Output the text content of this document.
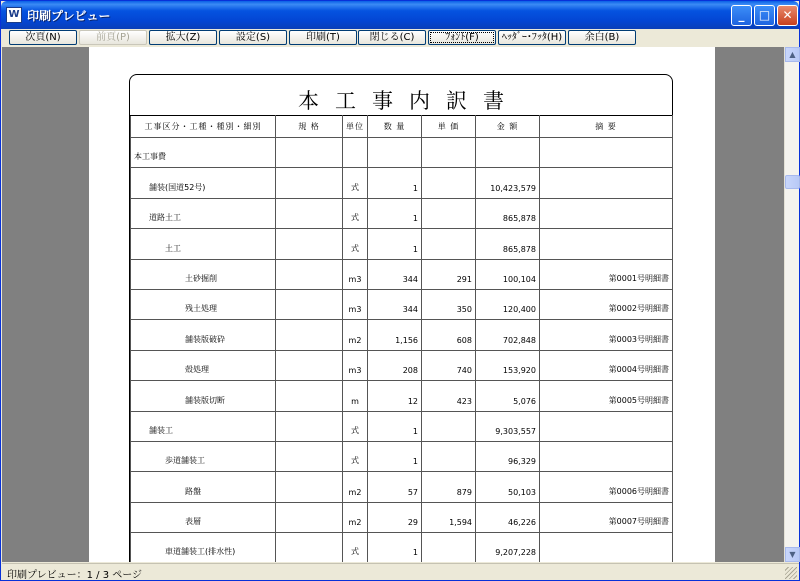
W 印刷プレビュー	_	□	✕
次頁(N)	前頁(P)	拡大(Z)	設定(S)	印刷(T)	閉じる(C)	ﾌｫﾝﾄ(F)	ﾍｯﾀﾞｰ･ﾌｯﾀ(H)	余白(B)
本工事内訳書
工事区分・工種・種別・細別	規 格	単位	数 量	単 価	金 額	摘 要
本工事費						
舗装(国道52号)		式	1		10,423,579	
道路土工		式	1		865,878	
土工		式	1		865,878	
土砂掘削		m3	344	291	100,104	第0001号明細書
残土処理		m3	344	350	120,400	第0002号明細書
舗装版破砕		m2	1,156	608	702,848	第0003号明細書
殻処理		m3	208	740	153,920	第0004号明細書
舗装版切断		m	12	423	5,076	第0005号明細書
舗装工		式	1		9,303,557	
歩道舗装工		式	1		96,329	
路盤		m2	57	879	50,103	第0006号明細書
表層		m2	29	1,594	46,226	第0007号明細書
車道舗装工(排水性)		式	1		9,207,228	
▲
▼
印刷プレビュー：1 / 3 ページ
